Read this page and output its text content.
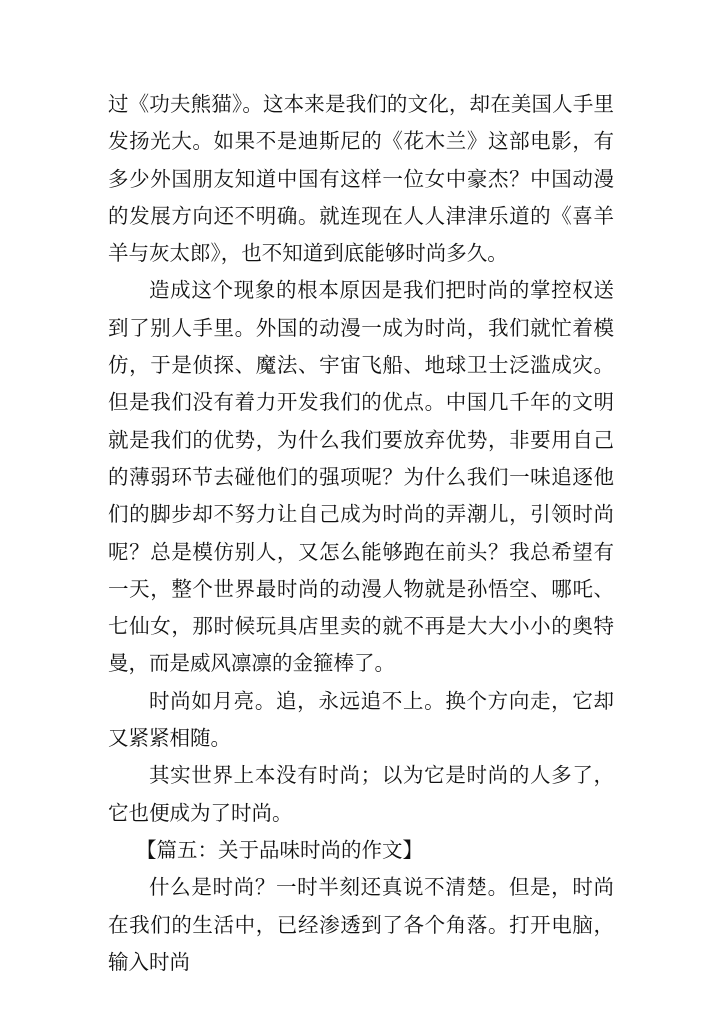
过《功夫熊猫》。这本来是我们的文化，却在美国人手里发扬光大。如果不是迪斯尼的《花木兰》这部电影，有多少外国朋友知道中国有这样一位女中豪杰？中国动漫的发展方向还不明确。就连现在人人津津乐道的《喜羊羊与灰太郎》，也不知道到底能够时尚多久。

造成这个现象的根本原因是我们把时尚的掌控权送到了别人手里。外国的动漫一成为时尚，我们就忙着模仿，于是侦探、魔法、宇宙飞船、地球卫士泛滥成灾。但是我们没有着力开发我们的优点。中国几千年的文明就是我们的优势，为什么我们要放弃优势，非要用自己的薄弱环节去碰他们的强项呢？为什么我们一味追逐他们的脚步却不努力让自己成为时尚的弄潮儿，引领时尚呢？总是模仿别人，又怎么能够跑在前头？我总希望有一天，整个世界最时尚的动漫人物就是孙悟空、哪吒、七仙女，那时候玩具店里卖的就不再是大大小小的奥特曼，而是威风凛凛的金箍棒了。

时尚如月亮。追，永远追不上。换个方向走，它却又紧紧相随。

其实世界上本没有时尚；以为它是时尚的人多了，它也便成为了时尚。

【篇五：关于品味时尚的作文】

什么是时尚？一时半刻还真说不清楚。但是，时尚在我们的生活中，已经渗透到了各个角落。打开电脑，输入时尚
